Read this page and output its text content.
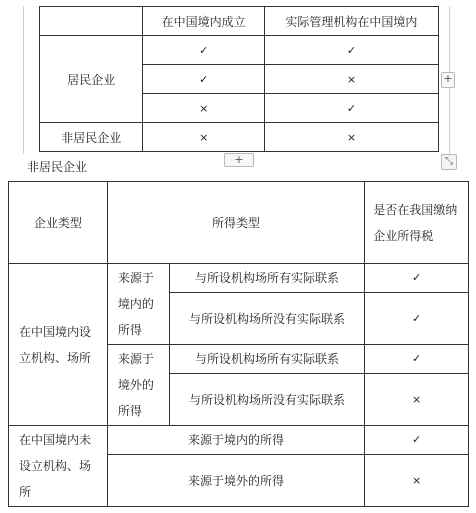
	在中国境内成立	实际管理机构在中国境内
居民企业	✓	✓
	✓	×
	×	✓
非居民企业	×	×
+
+	⤡
非居民企业
企业类型	所得类型		是否在我国缴纳企业所得税
在中国境内设立机构、场所	来源于境内的所得	与所设机构场所有实际联系	✓
		与所设机构场所没有实际联系	✓
	来源于境外的所得	与所设机构场所有实际联系	✓
		与所设机构场所没有实际联系	×
在中国境内未设立机构、场所	来源于境内的所得		✓
	来源于境外的所得		×
